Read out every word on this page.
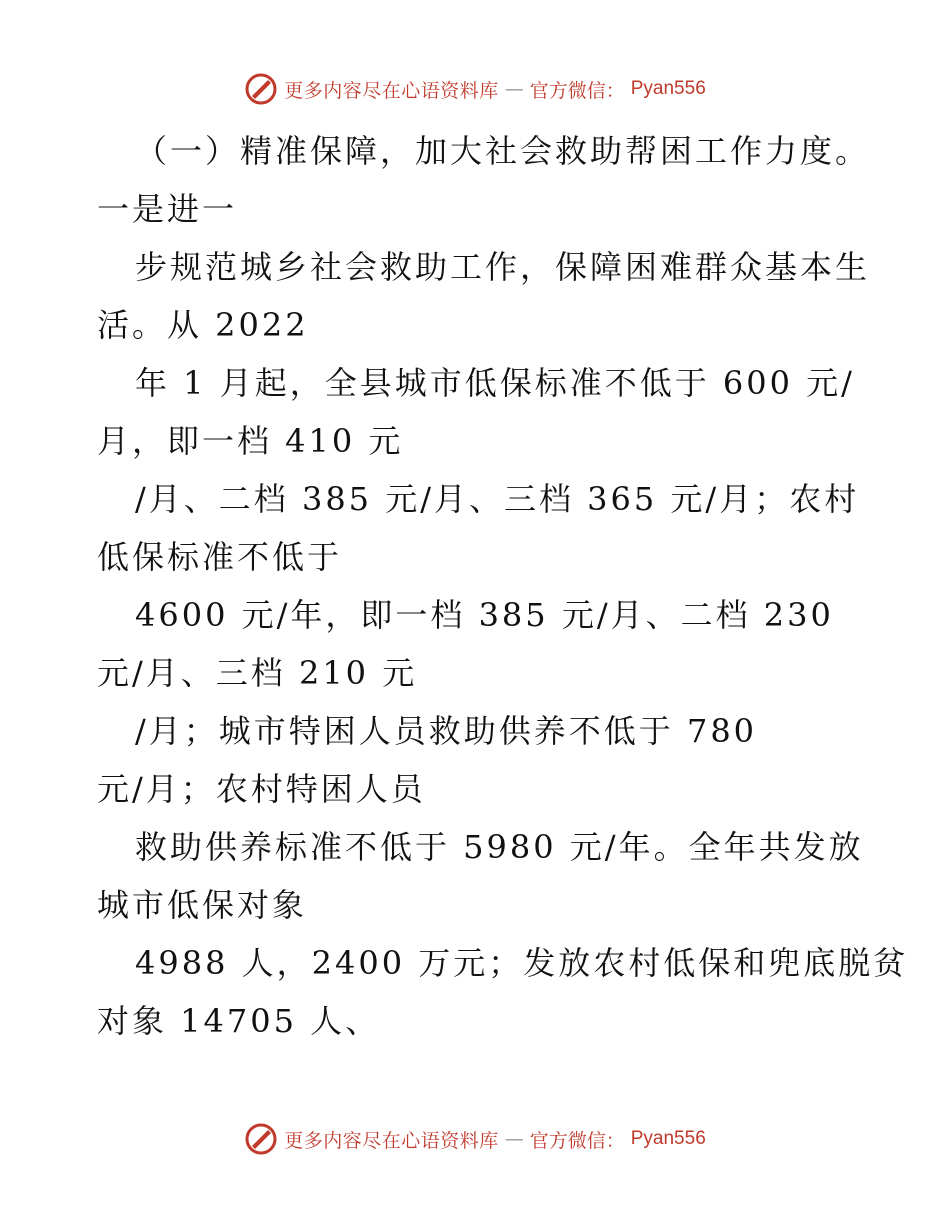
更多内容尽在心语资料库 — 官方微信： Pyan556
（一）精准保障，加大社会救助帮困工作力度。
一是进一
步规范城乡社会救助工作，保障困难群众基本生
活。从 2022
年 1 月起，全县城市低保标准不低于 600 元/
月，即一档 410 元
/月、二档 385 元/月、三档 365 元/月；农村
低保标准不低于
4600 元/年，即一档 385 元/月、二档 230
元/月、三档 210 元
/月；城市特困人员救助供养不低于 780
元/月；农村特困人员
救助供养标准不低于 5980 元/年。全年共发放
城市低保对象
4988 人，2400 万元；发放农村低保和兜底脱贫
对象 14705 人、
更多内容尽在心语资料库 — 官方微信： Pyan556
